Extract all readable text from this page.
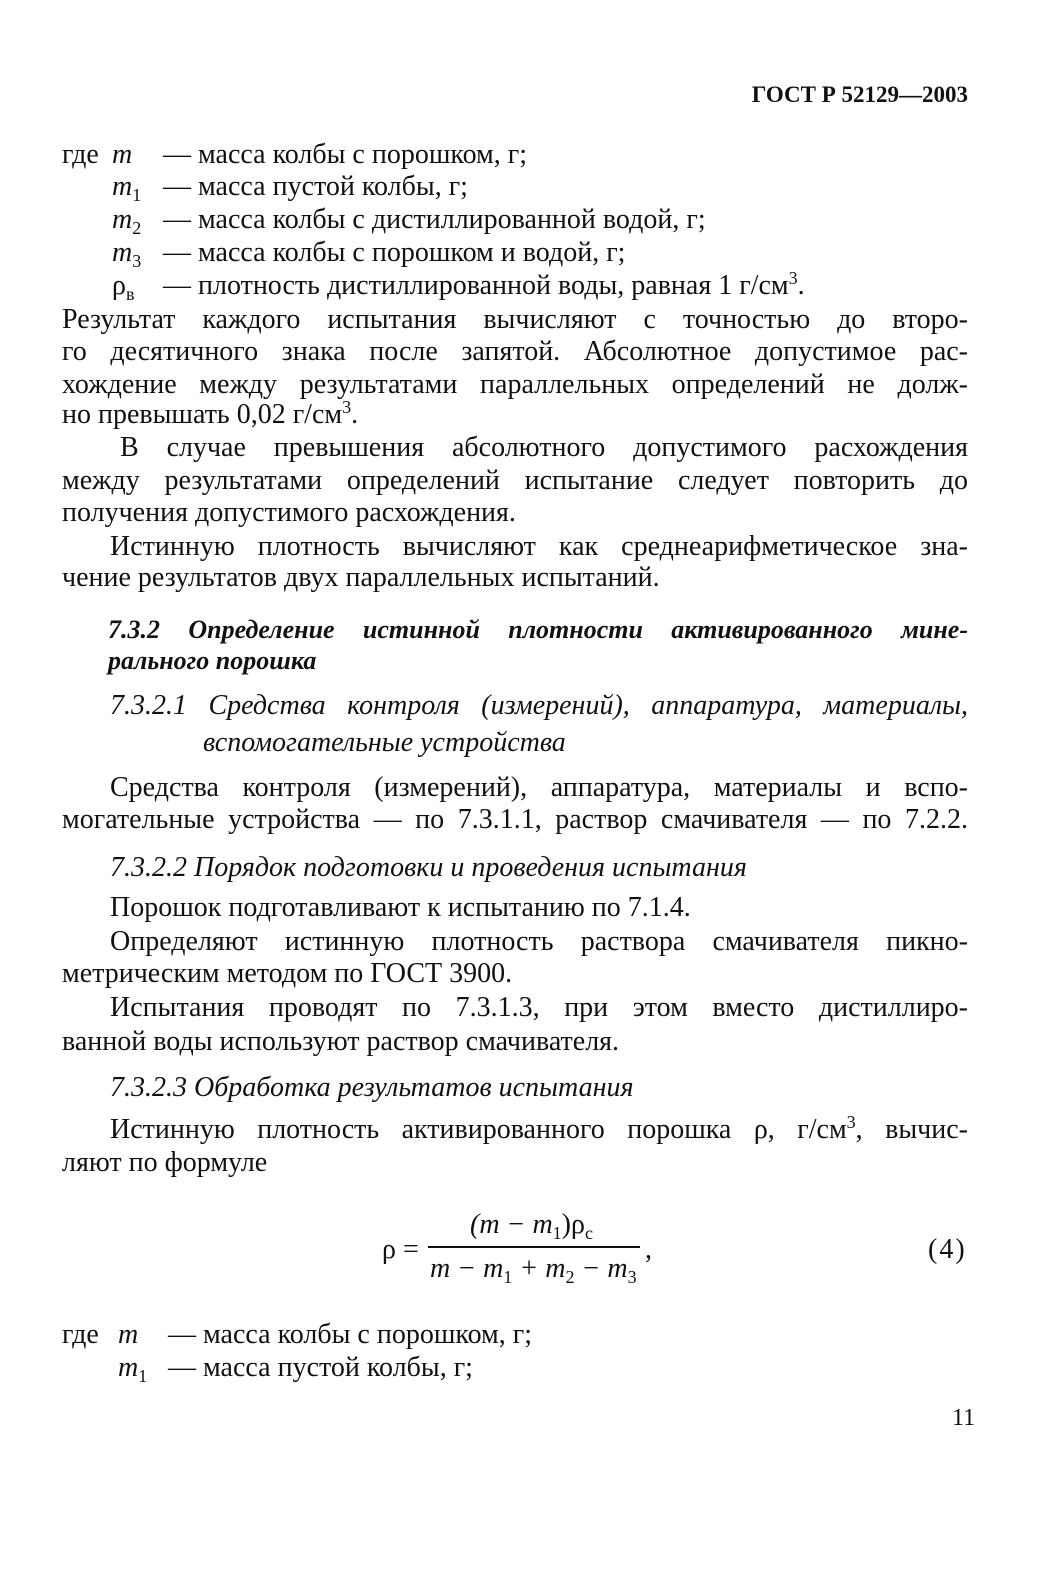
ГОСТ Р 52129—2003
где m — масса колбы с порошком, г;
$m_1$ — масса пустой колбы, г;
$m_2$ — масса колбы с дистиллированной водой, г;
$m_3$ — масса колбы с порошком и водой, г;
$\rho_в$ — плотность дистиллированной воды, равная 1 $г/см^3$.
Результат каждого испытания вычисляют с точностью до второ-
го десятичного знака после запятой. Абсолютное допустимое рас-
хождение между результатами параллельных определений не долж-
но превышать 0,02 $г/см^3$.
В случае превышения абсолютного допустимого расхождения
между результатами определений испытание следует повторить до
получения допустимого расхождения.
Истинную плотность вычисляют как среднеарифметическое зна-
чение результатов двух параллельных испытаний.
7.3.2 Определение истинной плотности активированного мине-
рального порошка
7.3.2.1 Средства контроля (измерений), аппаратура, материалы,
вспомогательные устройства
Средства контроля (измерений), аппаратура, материалы и вспо-
могательные устройства — по 7.3.1.1, раствор смачивателя — по 7.2.2.
7.3.2.2 Порядок подготовки и проведения испытания
Порошок подготавливают к испытанию по 7.1.4.
Определяют истинную плотность раствора смачивателя пикно-
метрическим методом по ГОСТ 3900.
Испытания проводят по 7.3.1.3, при этом вместо дистиллиро-
ванной воды используют раствор смачивателя.
7.3.2.3 Обработка результатов испытания
Истинную плотность активированного порошка ρ, $г/см^3$, вычис-
ляют по формуле
ρ =
$(m - m_1)\rho_c$
$m - m_1 + m_2 - m_3$
,	(4)
где m — масса колбы с порошком, г;
$m_1$ — масса пустой колбы, г;
11
